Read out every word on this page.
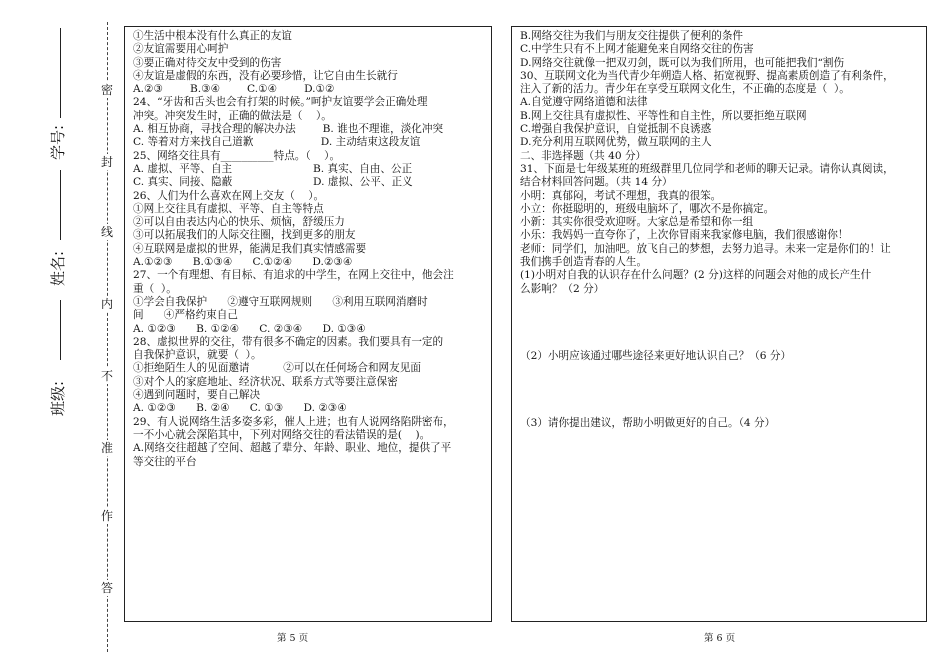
班级:
姓名:
学号:
密
封
线
内
不
准
作
答

①生活中根本没有什么真正的友谊

②友谊需要用心呵护

③要正确对待交友中受到的伤害

④友谊是虚假的东西，没有必要珍惜，让它自由生长就行

A.②③        B.③④        C.①④        D.①②

24、“牙齿和舌头也会有打架的时候。”呵护友谊要学会正确处理

冲突。冲突发生时，正确的做法是（    ）。

A. 相互协商，寻找合理的解决办法        B. 谁也不理谁，淡化冲突

C. 等着对方来找自己道歉                    D. 主动结束这段友谊

25、网络交往具有__________特点。（    ）。

A. 虚拟、平等、自主                        B. 真实、自由、公正

C. 真实、同接、隐蔽                        D. 虚拟、公平、正义

26、人们为什么喜欢在网上交友（    ）。

①网上交往具有虚拟、平等、自主等特点

②可以自由表达内心的快乐、烦恼，舒缓压力

③可以拓展我们的人际交往圈，找到更多的朋友

④互联网是虚拟的世界，能满足我们真实情感需要

A.①②③      B.①③④      C.①②④      D.②③④

27、一个有理想、有目标、有追求的中学生，在网上交往中，他会注

重（  ）。

①学会自我保护      ②遵守互联网规则      ③利用互联网消磨时

间      ④严格约束自己

A. ①②③      B. ①②④      C. ②③④      D. ①③④

28、虚拟世界的交往，带有很多不确定的因素。我们要具有一定的

自我保护意识，就要（  ）。

①拒绝陌生人的见面邀请          ②可以在任何场合和网友见面

③对个人的家庭地址、经济状况、联系方式等要注意保密

④遇到问题时，要自己解决

A. ①②③      B. ②④      C. ①③      D. ②③④

29、有人说网络生活多姿多彩，催人上进；也有人说网络陷阱密布，

一不小心就会深陷其中，下列对网络交往的看法错误的是(    )。

A.网络交往超越了空间、超越了辈分、年龄、职业、地位，提供了平

等交往的平台

B.网络交往为我们与朋友交往提供了便利的条件

C.中学生只有不上网才能避免来自网络交往的伤害

D.网络交往就像一把双刃剑，既可以为我们所用，也可能把我们“割伤

30、互联网文化为当代青少年朔造人格、拓宽视野、提高素质创造了有利条件，

注入了新的活力。青少年在享受互联网文化生，不正确的态度是（  ）。

A.自觉遵守网络道德和法律

B.网上交往具有虚拟性、平等性和自主性，所以要拒绝互联网

C.增强自我保护意识，自觉抵制不良诱惑

D.充分利用互联网优势，做互联网的主人

二、非选择题（共 40 分）

31、下面是七年级某班的班级群里几位同学和老师的聊天记录。请你认真阅读，

结合材料回答问题。（共 14 分）

小明：真郁闷，考试不理想，我真的很笨。

小立：你挺聪明的，班级电脑坏了，哪次不是你搞定。

小新：其实你很受欢迎呀。大家总是希望和你一组

小乐：我妈妈一直夸你了，上次你冒雨来我家修电脑，我们很感谢你！

老师：同学们，加油吧。放飞自己的梦想，去努力追寻。未来一定是你们的！让

我们携手创造青春的人生。

(1)小明对自我的认识存在什么问题？(2 分)这样的问题会对他的成长产生什

么影响？（2 分）

（2）小明应该通过哪些途径来更好地认识自己？（6 分）

（3）请你提出建议，帮助小明做更好的自己。（4 分）

第 5 页	第 6 页
